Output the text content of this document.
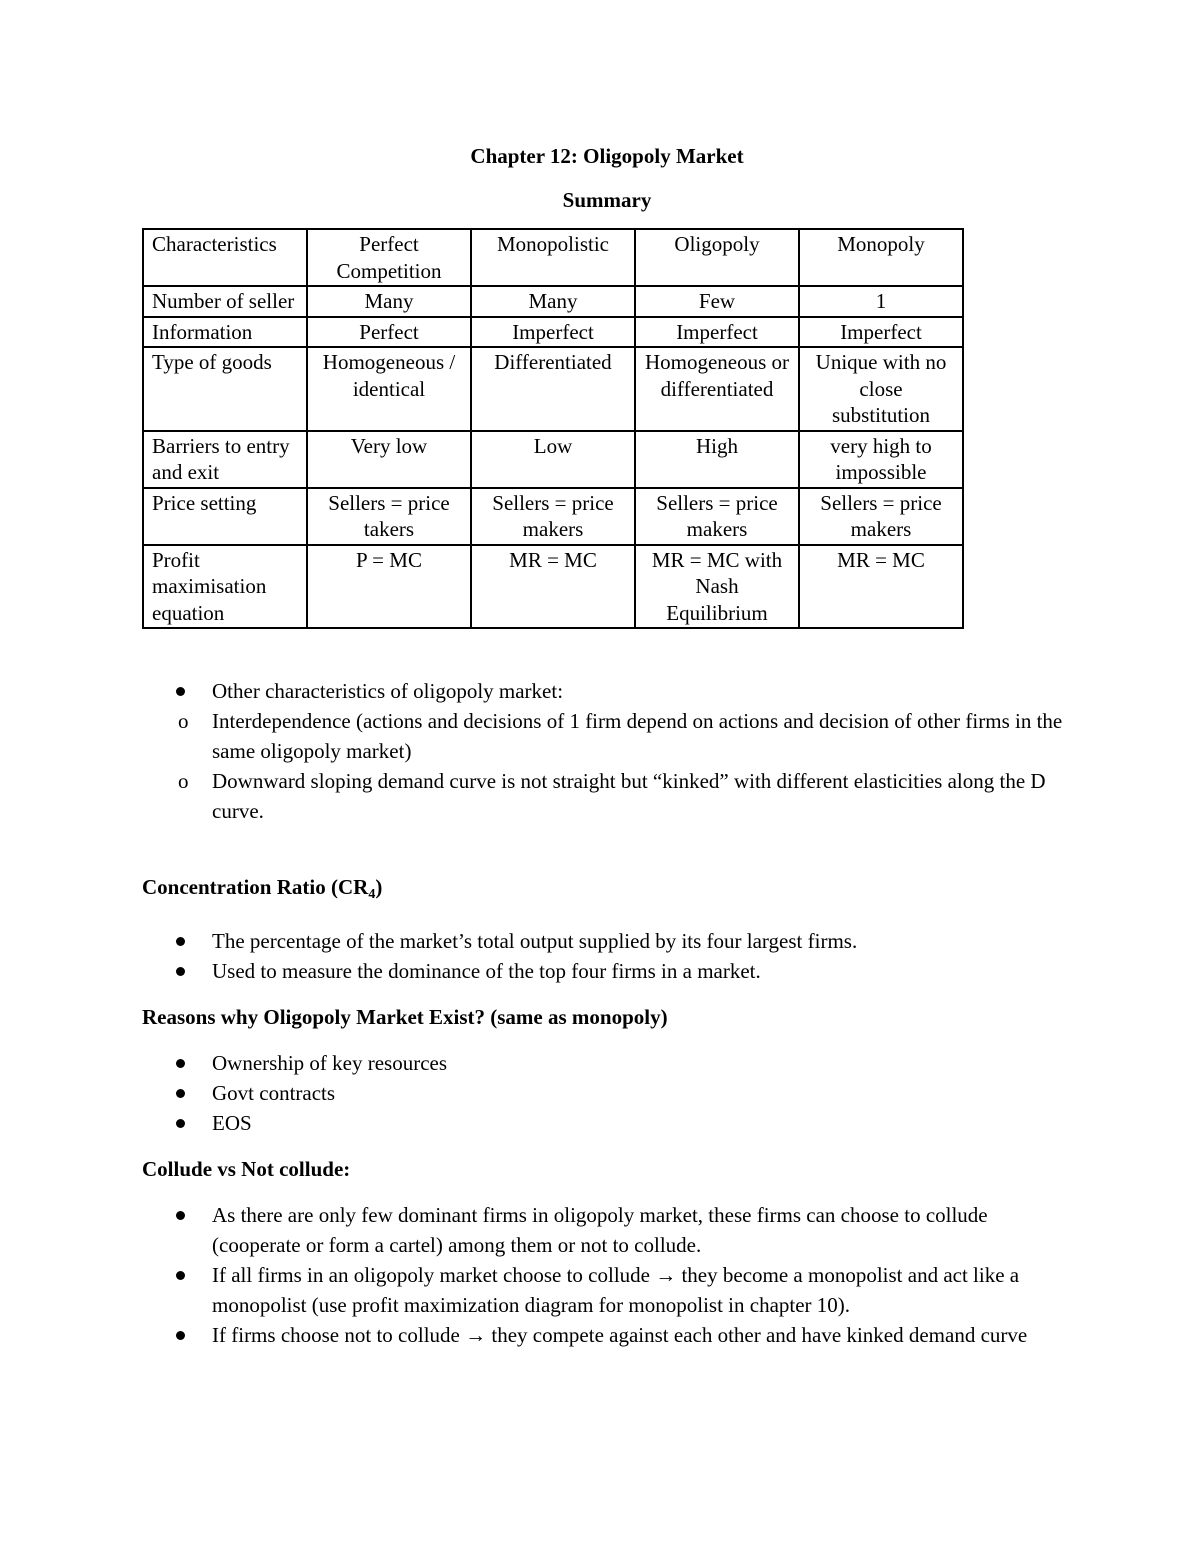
Chapter 12: Oligopoly Market

Summary

Characteristics	Perfect Competition	Monopolistic	Oligopoly	Monopoly
Number of seller	Many	Many	Few	1
Information	Perfect	Imperfect	Imperfect	Imperfect
Type of goods	Homogeneous / identical	Differentiated	Homogeneous or differentiated	Unique with no close substitution
Barriers to entry and exit	Very low	Low	High	very high to impossible
Price setting	Sellers = price takers	Sellers = price makers	Sellers = price makers	Sellers = price makers
Profit maximisation equation	P = MC	MR = MC	MR = MC with Nash Equilibrium	MR = MC
Other characteristics of oligopoly market:
o Interdependence (actions and decisions of 1 firm depend on actions and decision of other firms in the same oligopoly market)
o Downward sloping demand curve is not straight but “kinked” with different elasticities along the D curve.

Concentration Ratio $(CR_4)$

The percentage of the market’s total output supplied by its four largest firms.
Used to measure the dominance of the top four firms in a market.

Reasons why Oligopoly Market Exist? (same as monopoly)

Ownership of key resources
Govt contracts
EOS

Collude vs Not collude:

As there are only few dominant firms in oligopoly market, these firms can choose to collude (cooperate or form a cartel) among them or not to collude.
If all firms in an oligopoly market choose to collude → they become a monopolist and act like a monopolist (use profit maximization diagram for monopolist in chapter 10).
If firms choose not to collude → they compete against each other and have kinked demand curve
